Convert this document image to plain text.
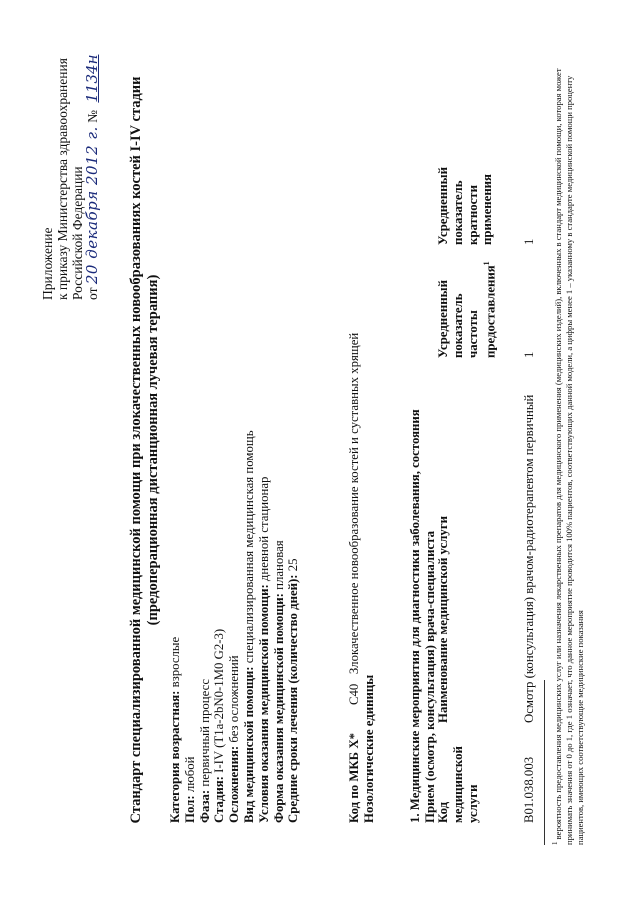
Приложение к приказу Министерства здравоохранения Российской Федерации от 20 декабря 2012 г. № 1134н Стандарт специализированной медицинской помощи при злокачественных новообразованиях костей I-IV стадии (предоперационная дистанционная лучевая терапия)
Категория возрастная: взрослые
Пол: любой
Фаза: первичный процесс
Стадия: I-IV (T1a-2bN0-1M0 G2-3)
Осложнения: без осложнений Вид медицинской помощи: специализированная медицинская помощь
Условия оказания медицинской помощи: дневной стационар
Форма оказания медицинской помощи: плановая
Средние сроки лечения (количество дней): 25
Код по МКБ X*C40   Злокачественное новообразование костей и суставных хрящей
Нозологические единицы	1. Медицинские мероприятия для диагностики заболевания, состояния Прием (осмотр, консультация) врача-специалиста Код медицинской услуги
Наименование медицинской услуги
Усредненный показатель частоты предоставления$^1$
Усредненный показатель кратности применения
B01.038.003
Осмотр (консультация) врачом-радиотерапевтом первичный
1
1
$^1$ вероятность предоставления медицинских услуг или назначения лекарственных препаратов для медицинского применения (медицинских изделий), включенных в стандарт медицинской помощи, которая может принимать значения от 0 до 1, где 1 означает, что данное мероприятие проводится 100% пациентов, соответствующих данной модели, а цифры менее 1 – указанному в стандарте медицинской помощи проценту пациентов, имеющих соответствующие медицинские показания
